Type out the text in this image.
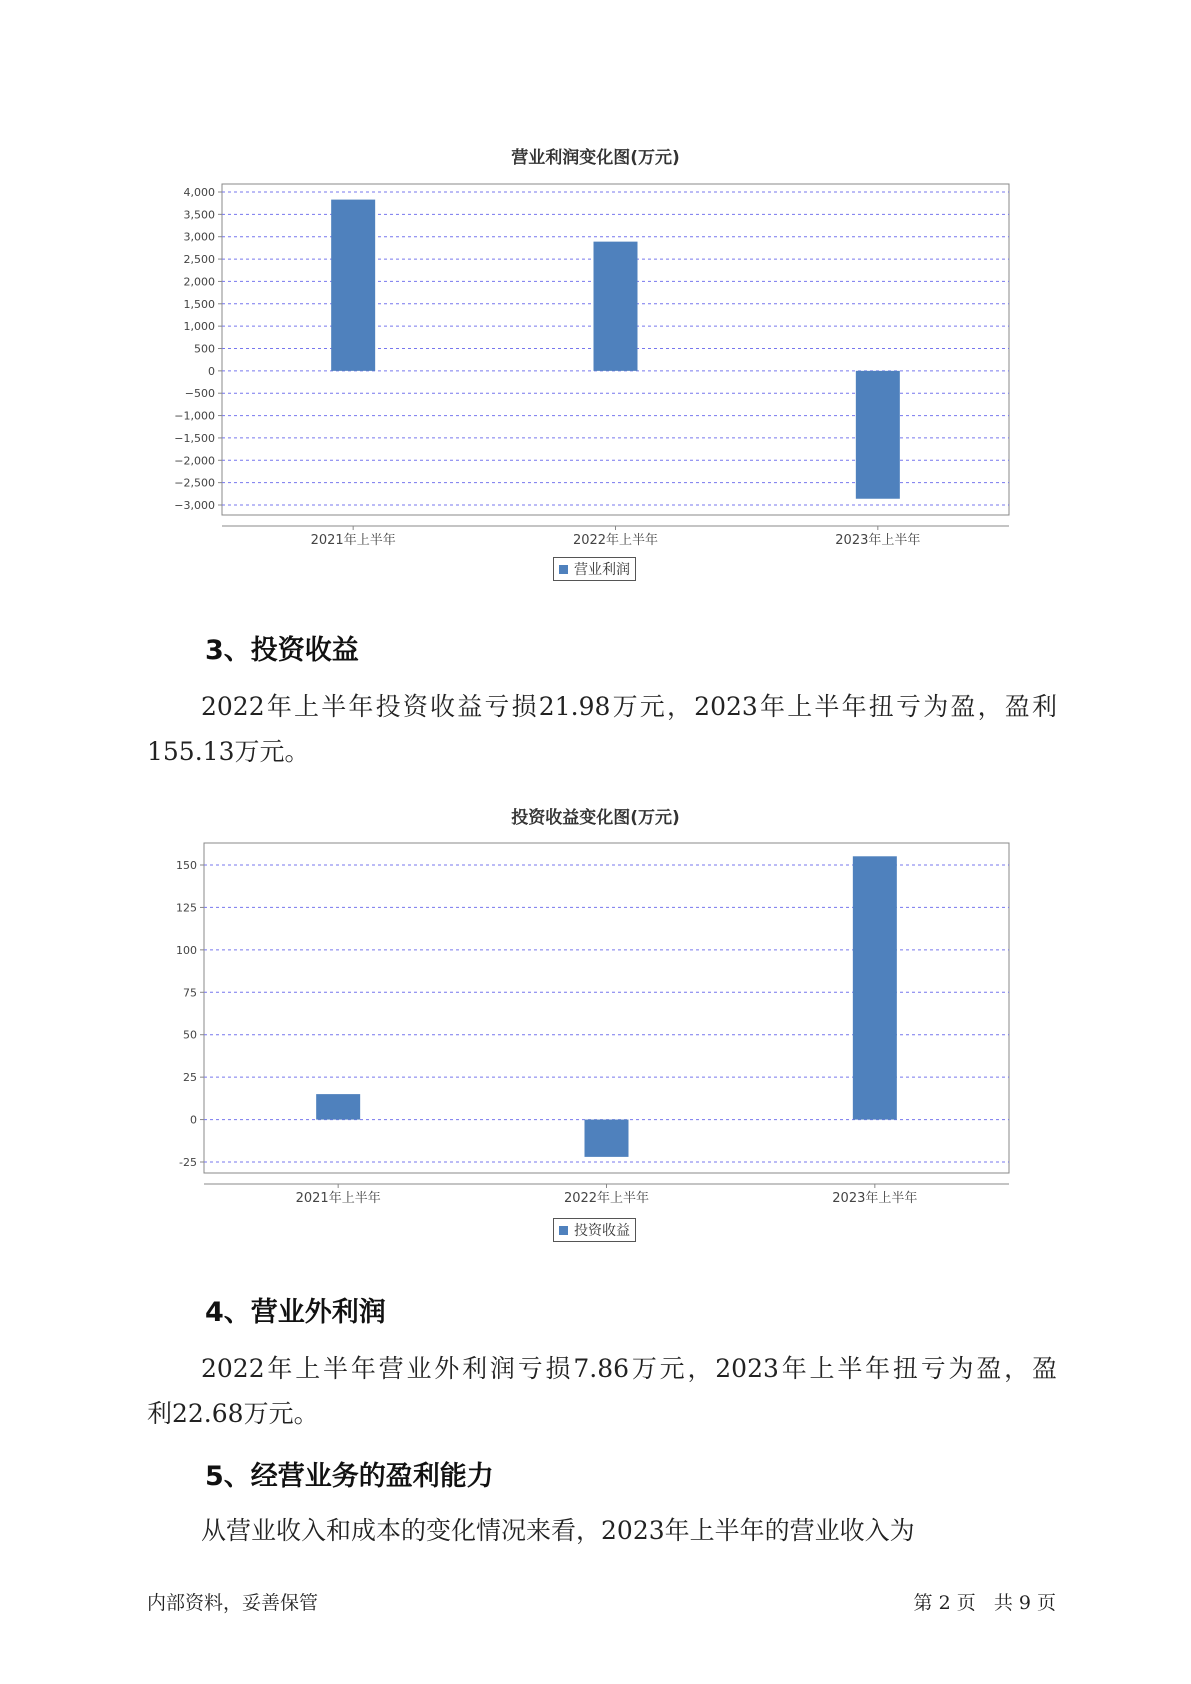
营业利润变化图(万元)
4,000
3,500
3,000
2,500
2,000
1,500
1,000
500
0
−500
−1,000
−1,500
−2,000
−2,500
−3,000
2021年上半年	2022年上半年	2023年上半年
营业利润
3、投资收益
2022年上半年投资收益亏损21.98万元，2023年上半年扭亏为盈，盈利
155.13万元。
投资收益变化图(万元)
150
125
100
75
50
25
0
-25
2021年上半年	2022年上半年	2023年上半年
投资收益
4、营业外利润
2022年上半年营业外利润亏损7.86万元，2023年上半年扭亏为盈，盈
利22.68万元。
5、经营业务的盈利能力
从营业收入和成本的变化情况来看，2023年上半年的营业收入为
内部资料，妥善保管	第 2 页   共 9 页
